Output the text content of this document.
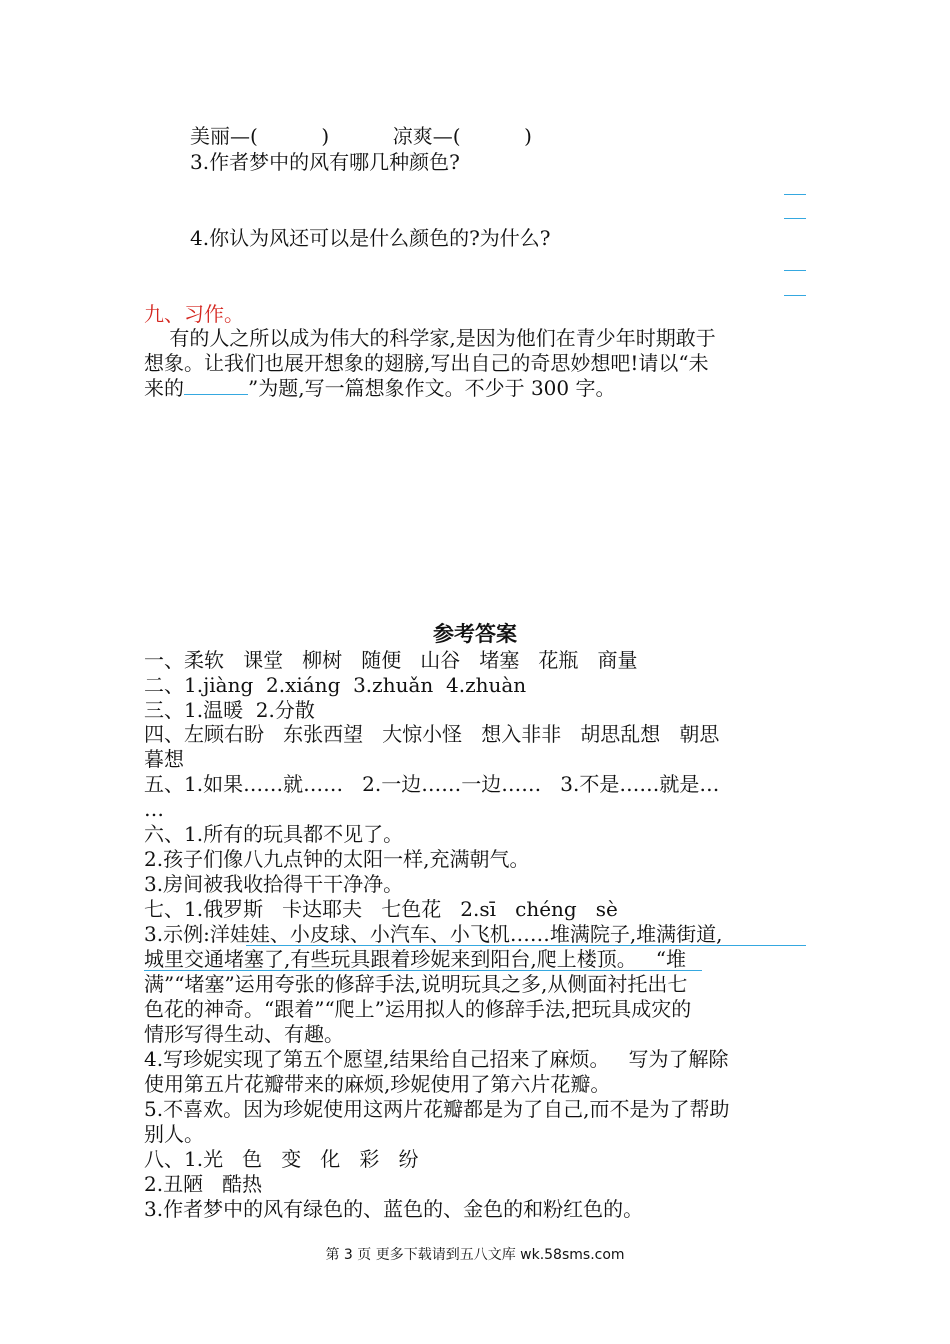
美丽—(          )          凉爽—(          )
3.作者梦中的风有哪几种颜色?
4.你认为风还可以是什么颜色的?为什么?
九、习作。
有的人之所以成为伟大的科学家,是因为他们在青少年时期敢于
想象。让我们也展开想象的翅膀,写出自己的奇思妙想吧!请以“未
来的	”为题,写一篇想象作文。不少于 300 字。
参考答案
一、柔软   课堂   柳树   随便   山谷   堵塞   花瓶   商量
二、1.jiàng  2.xiáng  3.zhuǎn  4.zhuàn
三、1.温暖  2.分散
四、左顾右盼   东张西望   大惊小怪   想入非非   胡思乱想   朝思
暮想
五、1.如果……就……   2.一边……一边……   3.不是……就是…
…
六、1.所有的玩具都不见了。
2.孩子们像八九点钟的太阳一样,充满朝气。
3.房间被我收拾得干干净净。
七、1.俄罗斯   卡达耶夫   七色花   2.sī   chéng   sè
3.示例:洋娃娃、小皮球、小汽车、小飞机……堆满院子,堆满街道,
城里交通堵塞了,有些玩具跟着珍妮来到阳台,爬上楼顶。   “堆
满”“堵塞”运用夸张的修辞手法,说明玩具之多,从侧面衬托出七
色花的神奇。“跟着”“爬上”运用拟人的修辞手法,把玩具成灾的
情形写得生动、有趣。
4.写珍妮实现了第五个愿望,结果给自己招来了麻烦。   写为了解除
使用第五片花瓣带来的麻烦,珍妮使用了第六片花瓣。
5.不喜欢。因为珍妮使用这两片花瓣都是为了自己,而不是为了帮助
别人。
八、1.光   色   变   化   彩   纷
2.丑陋   酷热
3.作者梦中的风有绿色的、蓝色的、金色的和粉红色的。
第 3 页 更多下载请到五八文库 wk.58sms.com
